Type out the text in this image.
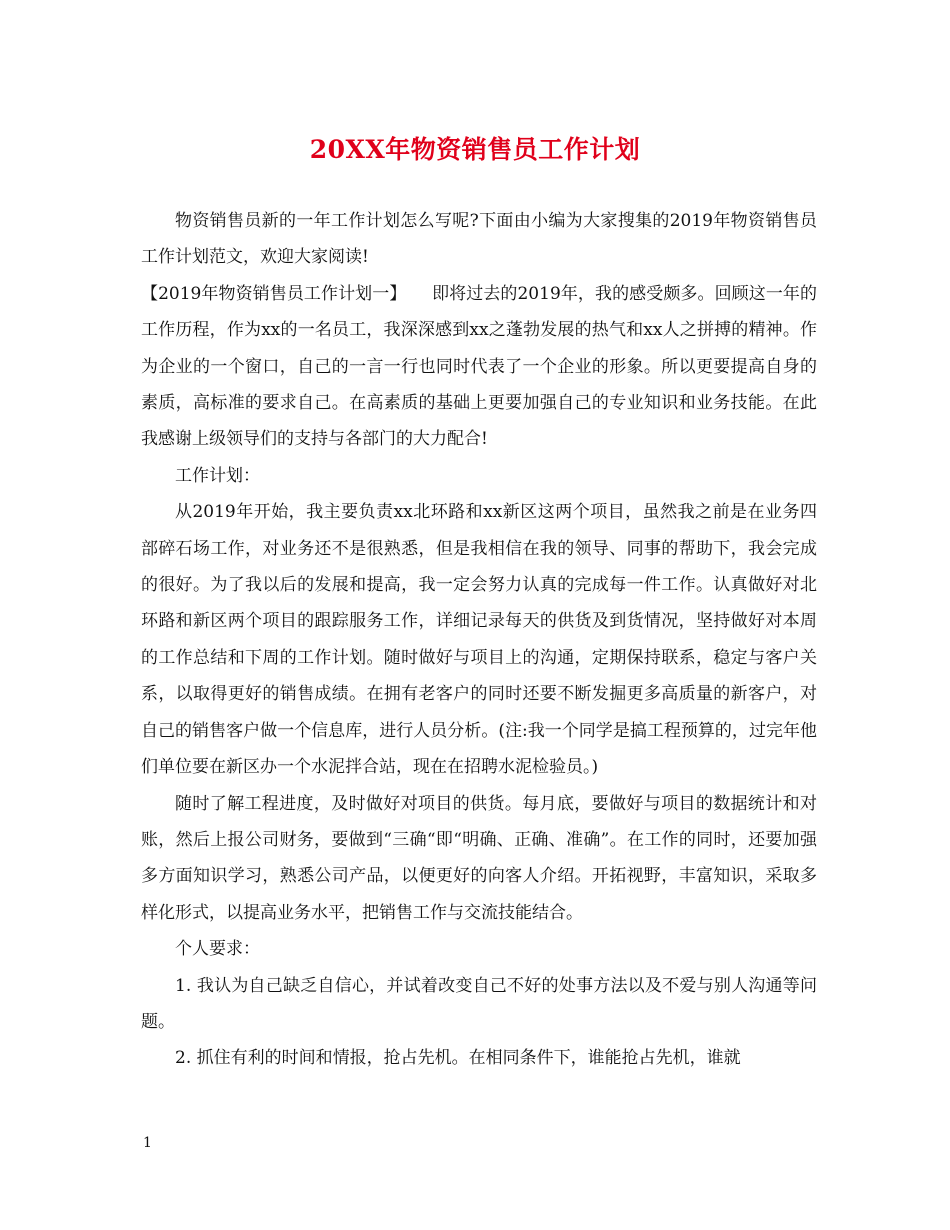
20XX年物资销售员工作计划

物资销售员新的一年工作计划怎么写呢?下面由小编为大家搜集的2019年物资销售员工作计划范文，欢迎大家阅读!

【2019年物资销售员工作计划一】　　即将过去的2019年，我的感受颇多。回顾这一年的工作历程，作为xx的一名员工，我深深感到xx之蓬勃发展的热气和xx人之拼搏的精神。作为企业的一个窗口，自己的一言一行也同时代表了一个企业的形象。所以更要提高自身的素质，高标准的要求自己。在高素质的基础上更要加强自己的专业知识和业务技能。在此我感谢上级领导们的支持与各部门的大力配合!

工作计划：

从2019年开始，我主要负责xx北环路和xx新区这两个项目，虽然我之前是在业务四部碎石场工作，对业务还不是很熟悉，但是我相信在我的领导、同事的帮助下，我会完成的很好。为了我以后的发展和提高，我一定会努力认真的完成每一件工作。认真做好对北环路和新区两个项目的跟踪服务工作，详细记录每天的供货及到货情况，坚持做好对本周的工作总结和下周的工作计划。随时做好与项目上的沟通，定期保持联系，稳定与客户关系，以取得更好的销售成绩。在拥有老客户的同时还要不断发掘更多高质量的新客户，对自己的销售客户做一个信息库，进行人员分析。(注:我一个同学是搞工程预算的，过完年他们单位要在新区办一个水泥拌合站，现在在招聘水泥检验员。)

随时了解工程进度，及时做好对项目的供货。每月底，要做好与项目的数据统计和对账，然后上报公司财务，要做到“三确“即“明确、正确、准确”。在工作的同时，还要加强多方面知识学习，熟悉公司产品，以便更好的向客人介绍。开拓视野，丰富知识，采取多样化形式，以提高业务水平，把销售工作与交流技能结合。

个人要求：

1. 我认为自己缺乏自信心，并试着改变自己不好的处事方法以及不爱与别人沟通等问题。

2. 抓住有利的时间和情报，抢占先机。在相同条件下，谁能抢占先机，谁就

1
